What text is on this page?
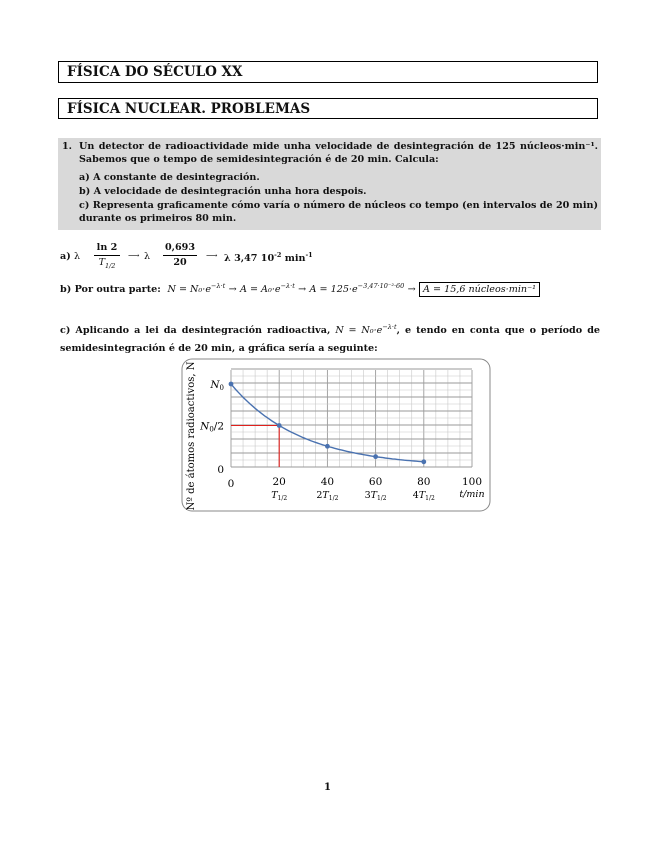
FÍSICA DO SÉCULO XX
FÍSICA NUCLEAR. PROBLEMAS
1. Un detector de radioactividade mide unha velocidade de desintegración de 125 núcleos·min⁻¹. Sabemos que o tempo de semidesintegración é de 20 min. Calcula:
a) A constante de desintegración.
b) A velocidade de desintegración unha hora despois.
c) Representa graficamente cómo varía o número de núcleos co tempo (en intervalos de 20 min) durante os primeiros 80 min.
a) λ $\frac{\ln 2}{T_{1/2}}$ ⟶ λ $\frac{0,693}{20}$ ⟶ λ 3,47 $10^{-2}$ $\min^{-1}$
b) Por outra parte: $N = N_0\cdot e^{-\lambda\cdot t} \to A = A_0\cdot e^{-\lambda\cdot t} \to A = 125\cdot e^{-3,47\cdot 10^{-2}\cdot 60} \to A = 15,6$ núcleos·min⁻¹
c) Aplicando a lei da desintegración radioactiva, $N = N_0\cdot e^{-\lambda\cdot t}$, e tendo en conta que o período de semidesintegración é de 20 min, a gráfica sería a seguinte:
0	20	40	60	80	100
$T_{1/2}$	$2T_{1/2}$	$3T_{1/2}$	$4T_{1/2}$
N0
N0/2
0
Nº de átomos radioactivos, N	t/min
1
